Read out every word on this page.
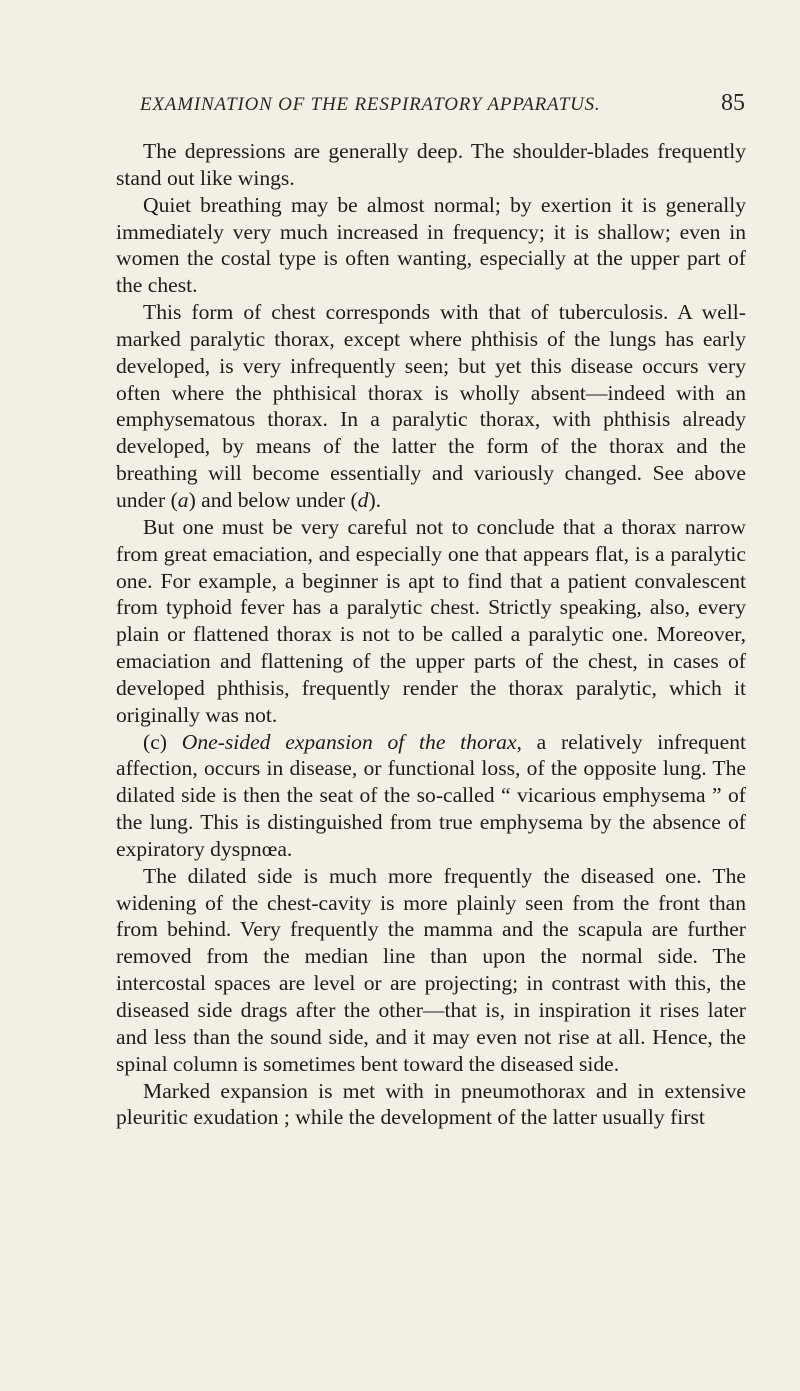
EXAMINATION OF THE RESPIRATORY APPARATUS.	85

The depressions are generally deep. The shoulder-blades frequently stand out like wings.

Quiet breathing may be almost normal; by exertion it is generally immediately very much increased in frequency; it is shallow; even in women the costal type is often wanting, especially at the upper part of the chest.

This form of chest corresponds with that of tuberculosis. A well-marked paralytic thorax, except where phthisis of the lungs has early developed, is very infrequently seen; but yet this disease occurs very often where the phthisical thorax is wholly absent—indeed with an emphysematous thorax. In a paralytic thorax, with phthisis already developed, by means of the latter the form of the thorax and the breathing will become essentially and variously changed. See above under (a) and below under (d).

But one must be very careful not to conclude that a thorax narrow from great emaciation, and especially one that appears flat, is a paralytic one. For example, a beginner is apt to find that a patient convalescent from typhoid fever has a paralytic chest. Strictly speaking, also, every plain or flattened thorax is not to be called a paralytic one. Moreover, emaciation and flattening of the upper parts of the chest, in cases of developed phthisis, frequently render the thorax paralytic, which it originally was not.

(c) One-sided expansion of the thorax, a relatively infrequent affection, occurs in disease, or functional loss, of the opposite lung. The dilated side is then the seat of the so-called “ vicarious emphysema ” of the lung. This is distinguished from true emphysema by the absence of expiratory dyspnœa.

The dilated side is much more frequently the diseased one. The widening of the chest-cavity is more plainly seen from the front than from behind. Very frequently the mamma and the scapula are further removed from the median line than upon the normal side. The intercostal spaces are level or are projecting; in contrast with this, the diseased side drags after the other—that is, in inspiration it rises later and less than the sound side, and it may even not rise at all. Hence, the spinal column is sometimes bent toward the diseased side.

Marked expansion is met with in pneumothorax and in extensive pleuritic exudation ; while the development of the latter usually first
